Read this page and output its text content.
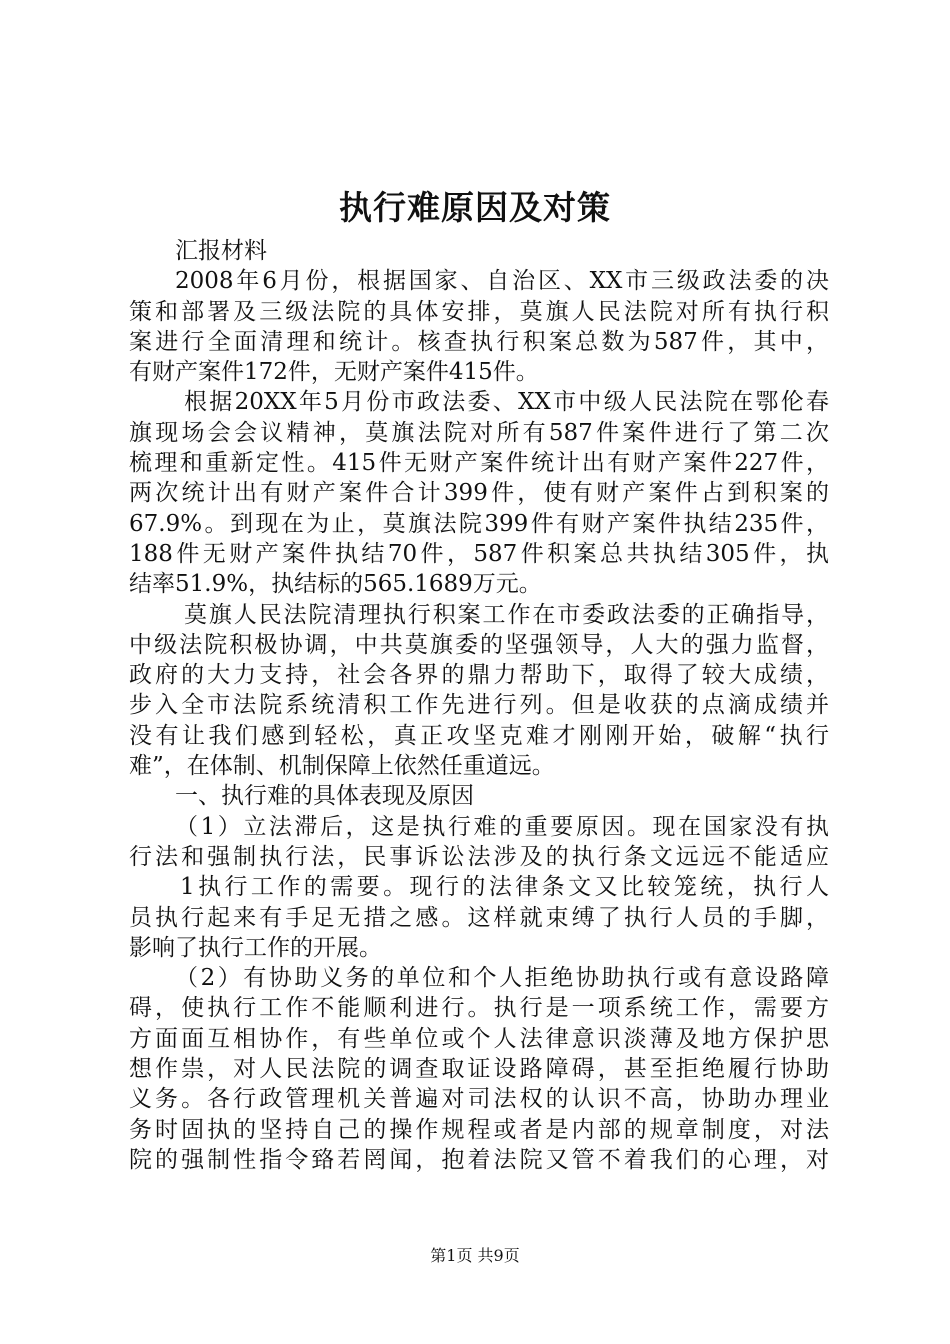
执行难原因及对策
汇报材料
2008年6月份，根据国家、自治区、XX市三级政法委的决
策和部署及三级法院的具体安排，莫旗人民法院对所有执行积
案进行全面清理和统计。核查执行积案总数为587件，其中，
有财产案件172件，无财产案件415件。
根据20XX年5月份市政法委、XX市中级人民法院在鄂伦春
旗现场会会议精神，莫旗法院对所有587件案件进行了第二次
梳理和重新定性。415件无财产案件统计出有财产案件227件，
两次统计出有财产案件合计399件，使有财产案件占到积案的
67.9%。到现在为止，莫旗法院399件有财产案件执结235件，
188件无财产案件执结70件，587件积案总共执结305件，执
结率51.9%，执结标的565.1689万元。
莫旗人民法院清理执行积案工作在市委政法委的正确指导，
中级法院积极协调，中共莫旗委的坚强领导，人大的强力监督，
政府的大力支持，社会各界的鼎力帮助下，取得了较大成绩，
步入全市法院系统清积工作先进行列。但是收获的点滴成绩并
没有让我们感到轻松，真正攻坚克难才刚刚开始，破解“执行
难”，在体制、机制保障上依然任重道远。
一、执行难的具体表现及原因
（1）立法滞后，这是执行难的重要原因。现在国家没有执
行法和强制执行法，民事诉讼法涉及的执行条文远远不能适应
1执行工作的需要。现行的法律条文又比较笼统，执行人
员执行起来有手足无措之感。这样就束缚了执行人员的手脚，
影响了执行工作的开展。
（2）有协助义务的单位和个人拒绝协助执行或有意设路障
碍，使执行工作不能顺利进行。执行是一项系统工作，需要方
方面面互相协作，有些单位或个人法律意识淡薄及地方保护思
想作祟，对人民法院的调查取证设路障碍，甚至拒绝履行协助
义务。各行政管理机关普遍对司法权的认识不高，协助办理业
务时固执的坚持自己的操作规程或者是内部的规章制度，对法
院的强制性指令臵若罔闻，抱着法院又管不着我们的心理，对
第1页 共9页
